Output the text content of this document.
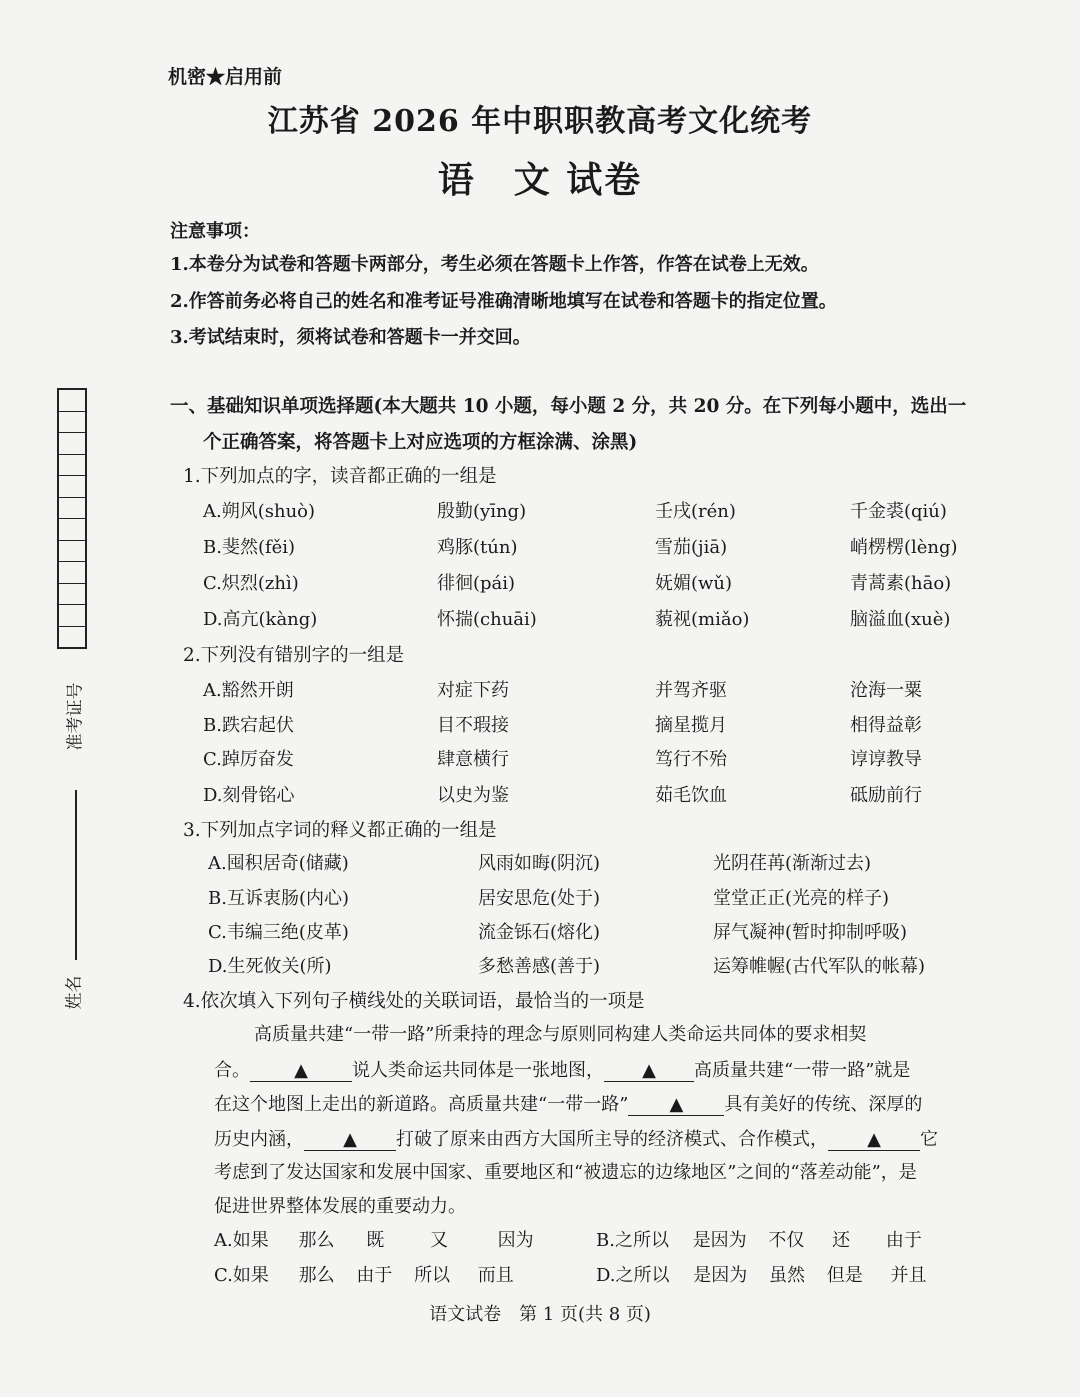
准考证号
姓名
机密★启用前
江苏省 2026 年中职职教高考文化统考
语　文 试卷
注意事项：
1.本卷分为试卷和答题卡两部分，考生必须在答题卡上作答，作答在试卷上无效。
2.作答前务必将自己的姓名和准考证号准确清晰地填写在试卷和答题卡的指定位置。
3.考试结束时，须将试卷和答题卡一并交回。
一、基础知识单项选择题(本大题共 10 小题，每小题 2 分，共 20 分。在下列每小题中，选出一
个正确答案，将答题卡上对应选项的方框涂满、涂黑)
1.下列加点的字，读音都正确的一组是
A.朔风(shuò)	殷勤(yīng)	壬戌(rén)	千金裘(qiú)
B.斐然(fěi)	鸡豚(tún)	雪茄(jiā)	峭楞楞(lèng)
C.炽烈(zhì)	徘徊(pái)	妩媚(wǔ)	青蒿素(hāo)
D.高亢(kàng)	怀揣(chuāi)	藐视(miǎo)	脑溢血(xuè)
2.下列没有错别字的一组是
A.豁然开朗	对症下药	并驾齐驱	沧海一粟
B.跌宕起伏	目不瑕接	摘星揽月	相得益彰
C.踔厉奋发	肆意横行	笃行不殆	谆谆教导
D.刻骨铭心	以史为鉴	茹毛饮血	砥励前行
3.下列加点字词的释义都正确的一组是
A.囤积居奇(储藏)	风雨如晦(阴沉)	光阴荏苒(渐渐过去)
B.互诉衷肠(内心)	居安思危(处于)	堂堂正正(光亮的样子)
C.韦编三绝(皮革)	流金铄石(熔化)	屏气凝神(暂时抑制呼吸)
D.生死攸关(所)	多愁善感(善于)	运筹帷幄(古代军队的帐幕)
4.依次填入下列句子横线处的关联词语，最恰当的一项是
高质量共建“一带一路”所秉持的理念与原则同构建人类命运共同体的要求相契
合。 ▲ 说人类命运共同体是一张地图， ▲ 高质量共建“一带一路”就是
在这个地图上走出的新道路。高质量共建“一带一路” ▲ 具有美好的传统、深厚的
历史内涵， ▲ 打破了原来由西方大国所主导的经济模式、合作模式， ▲ 它
考虑到了发达国家和发展中国家、重要地区和“被遗忘的边缘地区”之间的“落差动能”，是
促进世界整体发展的重要动力。
A.如果 那么 既	又	因为	B.之所以 是因为 不仅 还 由于
C.如果 那么 由于 所以 而且	D.之所以 是因为 虽然 但是 并且
语文试卷　第 1 页(共 8 页)
